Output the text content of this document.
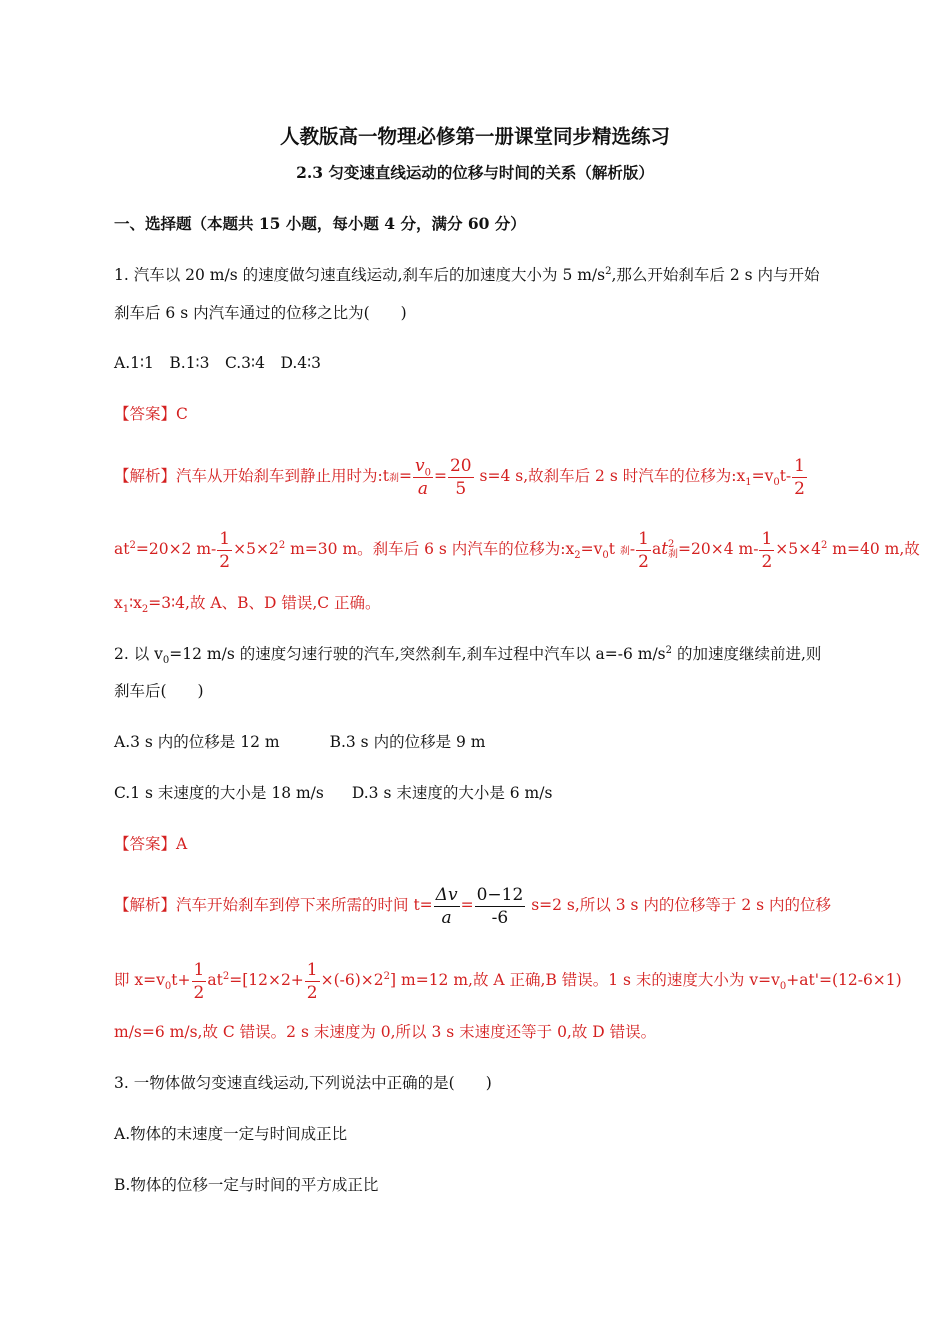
人教版高一物理必修第一册课堂同步精选练习
2.3 匀变速直线运动的位移与时间的关系（解析版）
一、选择题（本题共 15 小题，每小题 4 分，满分 60 分）
1. 汽车以 20 m/s 的速度做匀速直线运动,刹车后的加速度大小为 5 $m/s^2$,那么开始刹车后 2 s 内与开始
刹车后 6 s 内汽车通过的位移之比为(　　)
A.1∶1　B.1∶3　C.3∶4　D.4∶3
【答案】C
【解析】汽车从开始刹车到静止用时为:t刹= $\frac{v_0}{a} = \frac{20}{5} s=4$ s,故刹车后 2 s 时汽车的位移为$:x_1=v_0t- \frac{1}{2}$
$at^2=20\times 2$ $m- \frac{1}{2} \times 5\times 2^2$ m=30 m。刹车后 6 s 内汽车的位移为$:x_2=v_0t$ 刹- $\frac{1}{2}$ at 2
刹 =20×4 $m- \frac{1}{2} \times 5\times 4^2$ m=40 m,故
$x_1∶x_2=3∶4$,故 A、B、D 错误,C 正确。
2. 以 $v_0=12$ m/s 的速度匀速行驶的汽车,突然刹车,刹车过程中汽车以 a=-6 $m/s^2$ 的加速度继续前进,则
刹车后(　　)
A.3 s 内的位移是 12 m	B.3 s 内的位移是 9 m
C.1 s 末速度的大小是 18 m/s D.3 s 末速度的大小是 6 m/s
【答案】A
【解析】汽车开始刹车到停下来所需的时间 $t= \frac{\Delta v}{a} = \frac{0-12}{-6} s=2$ s,所以 3 s 内的位移等于 2 s 内的位移
即 $x=v_0t+ \frac{1}{2} at^2=[12\times 2+ \frac{1}{2} \times(-6)\times 2^2]$ m=12 m,故 A 正确,B 错误。1 s 末的速度大小为 $v=v_0+at'=(12-6\times 1)$
m/s=6 m/s,故 C 错误。2 s 末速度为 0,所以 3 s 末速度还等于 0,故 D 错误。
3. 一物体做匀变速直线运动,下列说法中正确的是(　　)
A.物体的末速度一定与时间成正比
B.物体的位移一定与时间的平方成正比
